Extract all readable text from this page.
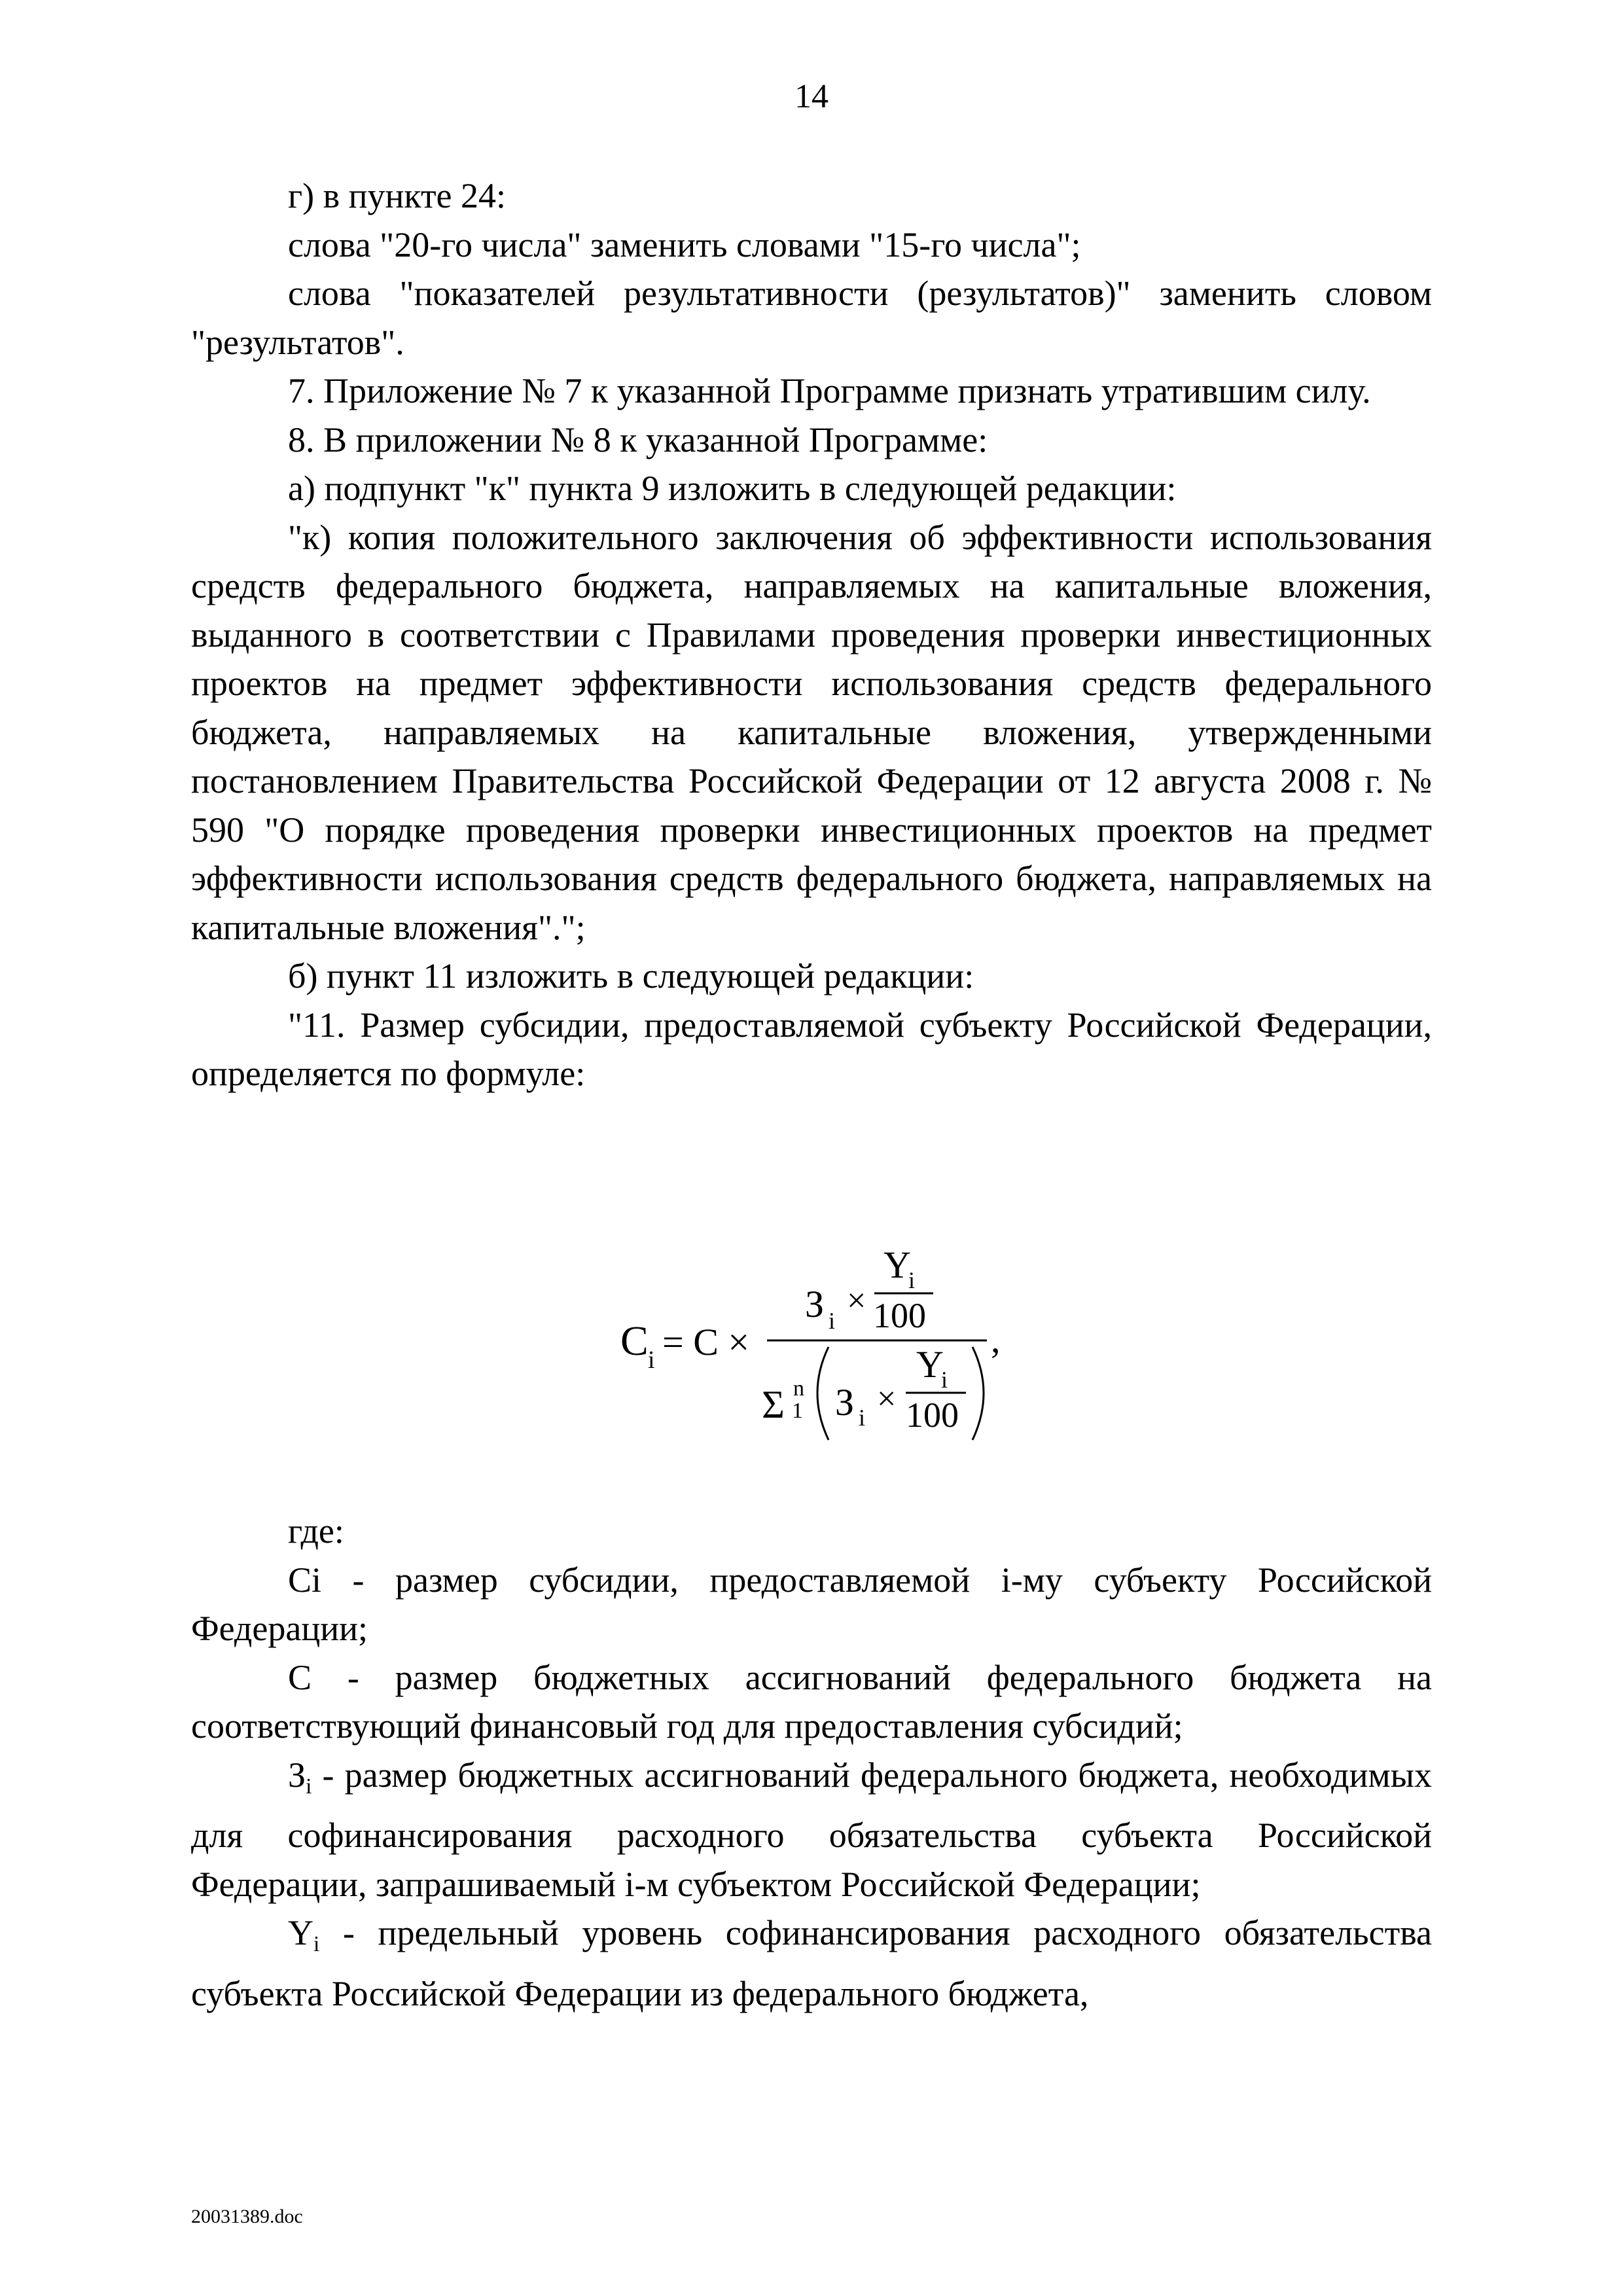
14

г) в пункте 24:

слова "20-го числа" заменить словами "15-го числа";

слова "показателей результативности (результатов)" заменить словом "результатов".

7. Приложение № 7 к указанной Программе признать утратившим силу.

8. В приложении № 8 к указанной Программе:

а) подпункт "к" пункта 9 изложить в следующей редакции:

"к) копия положительного заключения об эффективности использования средств федерального бюджета, направляемых на капитальные вложения, выданного в соответствии с Правилами проведения проверки инвестиционных проектов на предмет эффективности использования средств федерального бюджета, направляемых на капитальные вложения, утвержденными постановлением Правительства Российской Федерации от 12 августа 2008 г. № 590 "О порядке проведения проверки инвестиционных проектов на предмет эффективности использования средств федерального бюджета, направляемых на капитальные вложения".";

б) пункт 11 изложить в следующей редакции:

"11. Размер субсидии, предоставляемой субъекту Российской Федерации, определяется по формуле:

C i = C ×
З i
×
Y
i
100
Σ n
1 З i ×
Y
i
100
,

где:

Ci - размер субсидии, предоставляемой i-му субъекту Российской Федерации;

C - размер бюджетных ассигнований федерального бюджета на соответствующий финансовый год для предоставления субсидий;

$З_i$ - размер бюджетных ассигнований федерального бюджета, необходимых для софинансирования расходного обязательства субъекта Российской Федерации, запрашиваемый i-м субъектом Российской Федерации;

$Y_i$ - предельный уровень софинансирования расходного обязательства субъекта Российской Федерации из федерального бюджета,

20031389.doc
